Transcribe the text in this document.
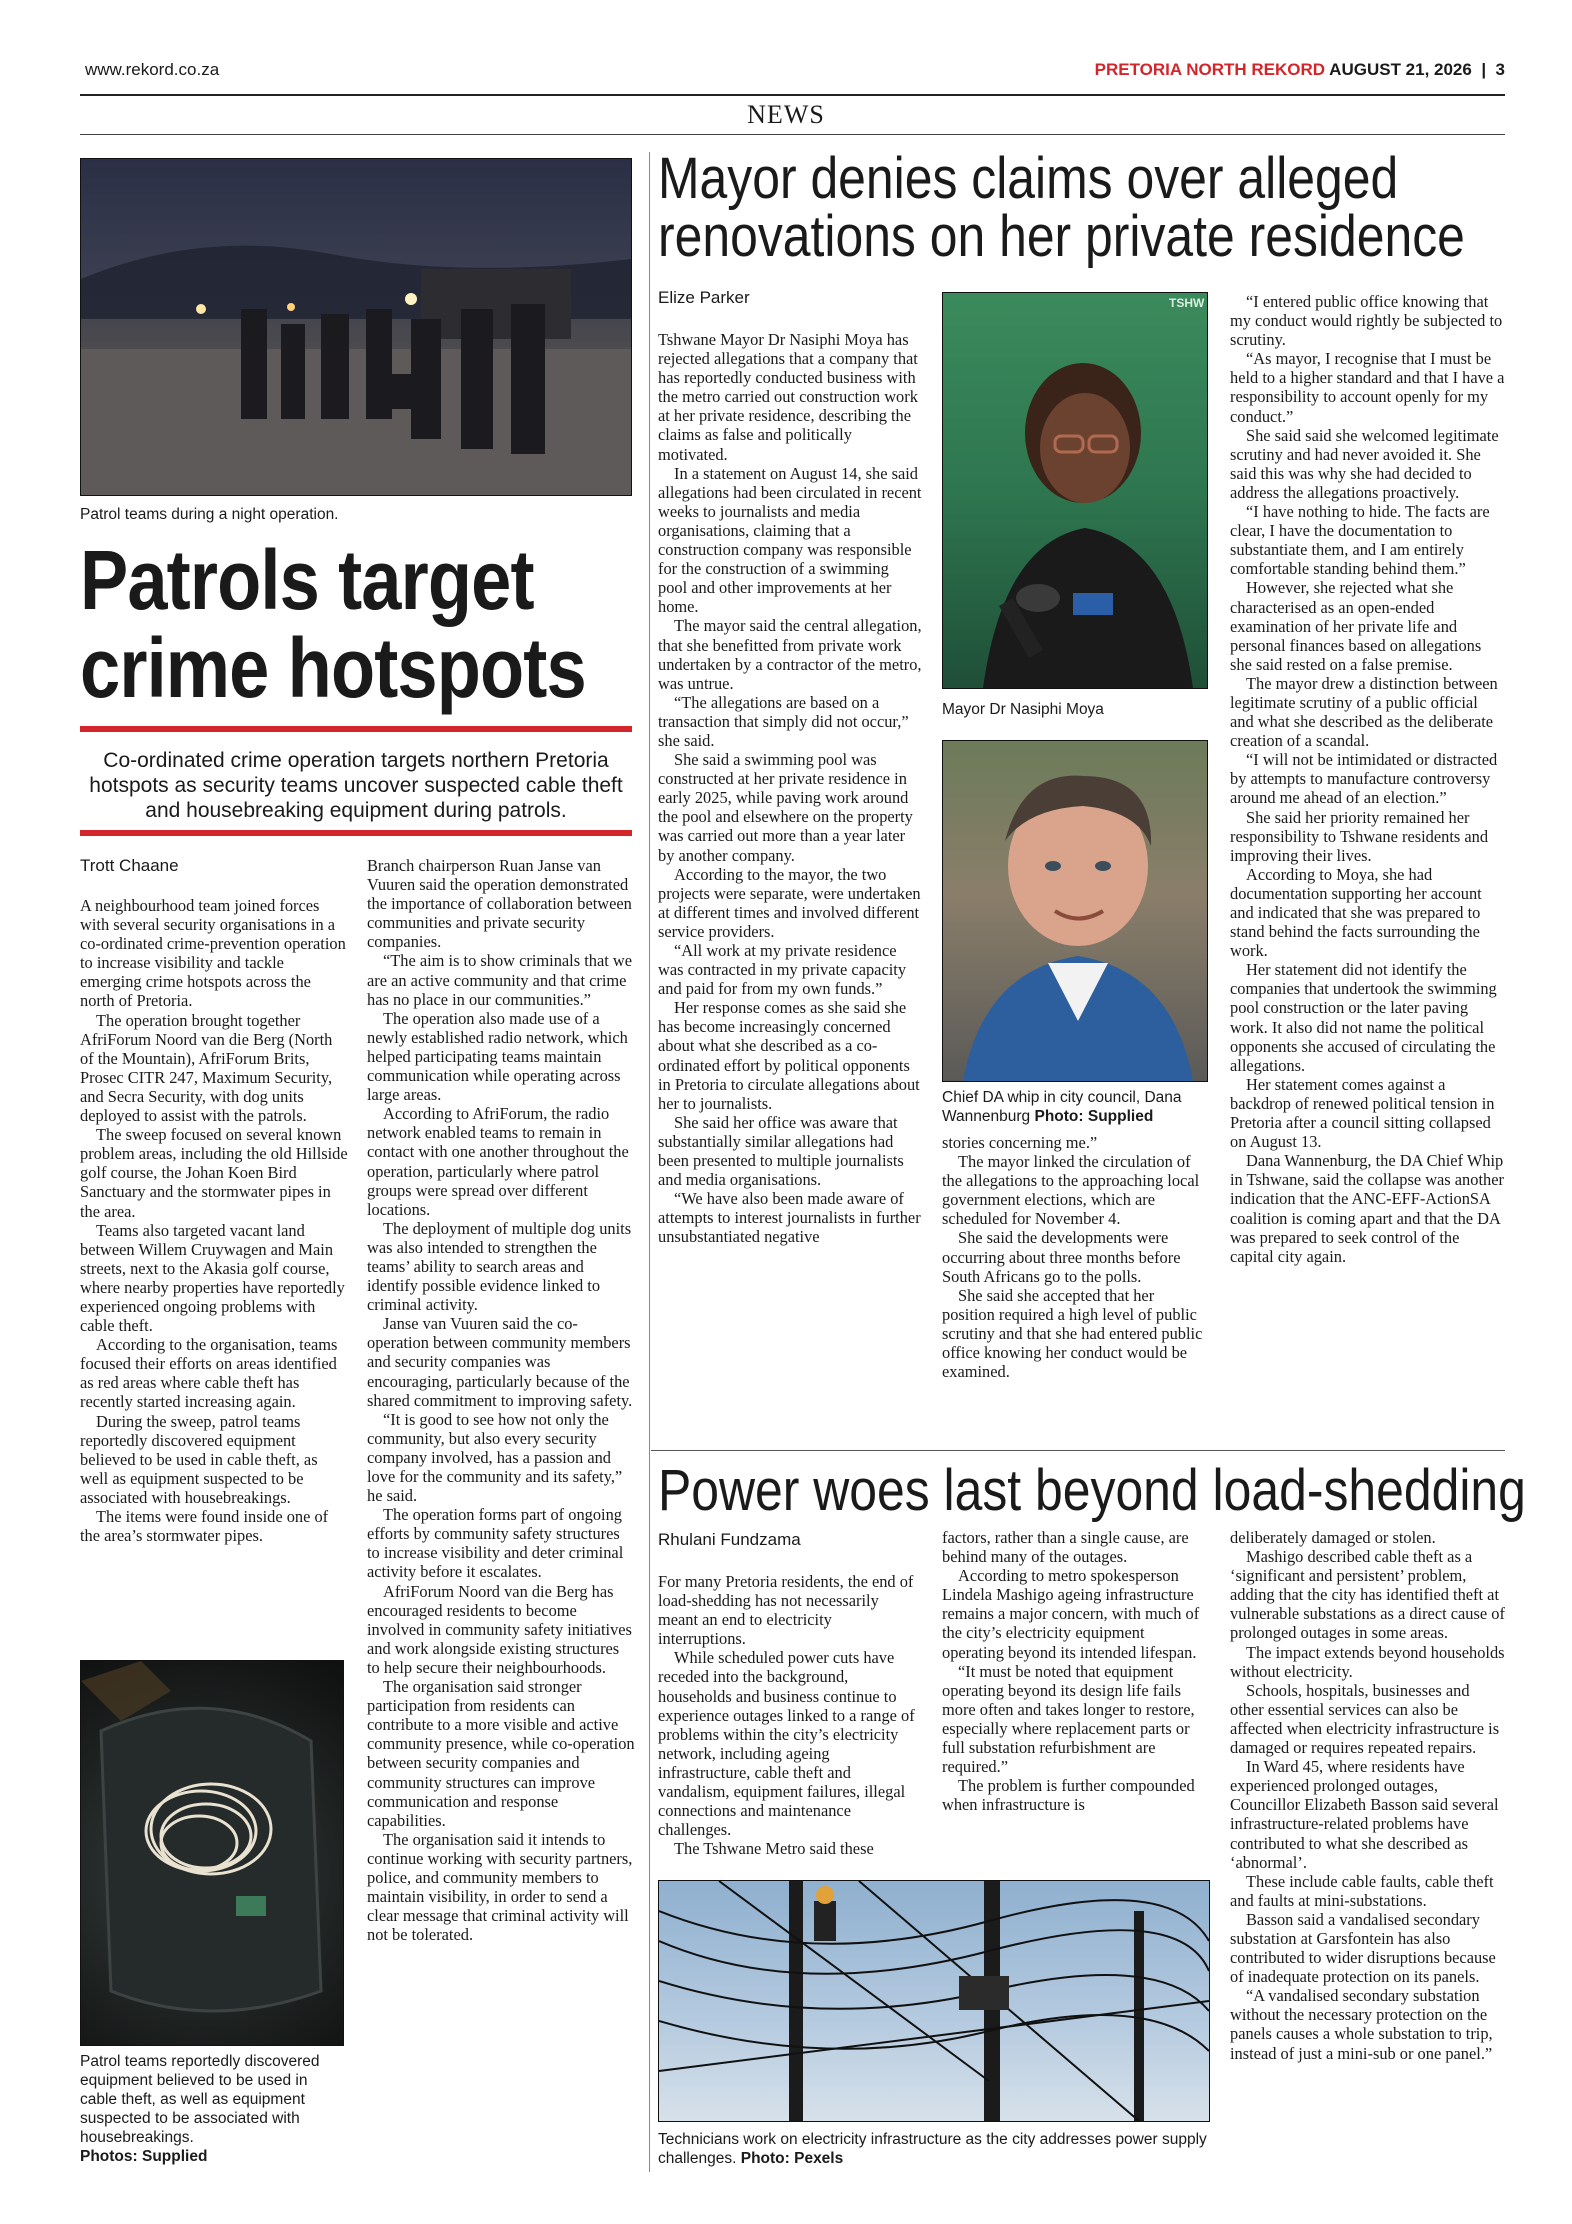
www.rekord.co.za	PRETORIA NORTH REKORD AUGUST 21, 2026  |  3
NEWS
Patrol teams during a night operation.
Patrols target
crime hotspots
Co-ordinated crime operation targets northern Pretoria hotspots as security teams uncover suspected cable theft and housebreaking equipment during patrols.
Trott Chaane

A neighbourhood team joined forces with several security organisations in a co-ordinated crime-prevention operation to increase visibility and tackle emerging crime hotspots across the north of Pretoria.

The operation brought together AfriForum Noord van die Berg (North of the Mountain), AfriForum Brits, Prosec CITR 247, Maximum Security, and Secra Security, with dog units deployed to assist with the patrols.

The sweep focused on several known problem areas, including the old Hillside golf course, the Johan Koen Bird Sanctuary and the stormwater pipes in the area.

Teams also targeted vacant land between Willem Cruywagen and Main streets, next to the Akasia golf course, where nearby properties have reportedly experienced ongoing problems with cable theft.

According to the organisation, teams focused their efforts on areas identified as red areas where cable theft has recently started increasing again.

During the sweep, patrol teams reportedly discovered equipment believed to be used in cable theft, as well as equipment suspected to be associated with housebreakings.

The items were found inside one of the area’s stormwater pipes.

Patrol teams reportedly discovered equipment believed to be used in cable theft, as well as equipment suspected to be associated with housebreakings.
Photos: Supplied

Branch chairperson Ruan Janse van Vuuren said the operation demonstrated the importance of collaboration between communities and private security companies.

“The aim is to show criminals that we are an active community and that crime has no place in our communities.”

The operation also made use of a newly established radio network, which helped participating teams maintain communication while operating across large areas.

According to AfriForum, the radio network enabled teams to remain in contact with one another throughout the operation, particularly where patrol groups were spread over different locations.

The deployment of multiple dog units was also intended to strengthen the teams’ ability to search areas and identify possible evidence linked to criminal activity.

Janse van Vuuren said the co-operation between community members and security companies was encouraging, particularly because of the shared commitment to improving safety.

“It is good to see how not only the community, but also every security company involved, has a passion and love for the community and its safety,” he said.

The operation forms part of ongoing efforts by community safety structures to increase visibility and deter criminal activity before it escalates.

AfriForum Noord van die Berg has encouraged residents to become involved in community safety initiatives and work alongside existing structures to help secure their neighbourhoods.

The organisation said stronger participation from residents can contribute to a more visible and active community presence, while co-operation between security companies and community structures can improve communication and response capabilities.

The organisation said it intends to continue working with security partners, police, and community members to maintain visibility, in order to send a clear message that criminal activity will not be tolerated.

Mayor denies claims over alleged
renovations on her private residence
Elize Parker

Tshwane Mayor Dr Nasiphi Moya has rejected allegations that a company that has reportedly conducted business with the metro carried out construction work at her private residence, describing the claims as false and politically motivated.

In a statement on August 14, she said allegations had been circulated in recent weeks to journalists and media organisations, claiming that a construction company was responsible for the construction of a swimming pool and other improvements at her home.

The mayor said the central allegation, that she benefitted from private work undertaken by a contractor of the metro, was untrue.

“The allegations are based on a transaction that simply did not occur,” she said.

She said a swimming pool was constructed at her private residence in early 2025, while paving work around the pool and elsewhere on the property was carried out more than a year later by another company.

According to the mayor, the two projects were separate, were undertaken at different times and involved different service providers.

“All work at my private residence was contracted in my private capacity and paid for from my own funds.”

Her response comes as she said she has become increasingly concerned about what she described as a co-ordinated effort by political opponents in Pretoria to circulate allegations about her to journalists.

She said her office was aware that substantially similar allegations had been presented to multiple journalists and media organisations.

“We have also been made aware of attempts to interest journalists in further unsubstantiated negative

TSHW
Mayor Dr Nasiphi Moya
Chief DA whip in city council, Dana Wannenburg Photo: Supplied

stories concerning me.”

The mayor linked the circulation of the allegations to the approaching local government elections, which are scheduled for November 4.

She said the developments were occurring about three months before South Africans go to the polls.

She said she accepted that her position required a high level of public scrutiny and that she had entered public office knowing her conduct would be examined.

“I entered public office knowing that my conduct would rightly be subjected to scrutiny.

“As mayor, I recognise that I must be held to a higher standard and that I have a responsibility to account openly for my conduct.”

She said said she welcomed legitimate scrutiny and had never avoided it. She said this was why she had decided to address the allegations proactively.

“I have nothing to hide. The facts are clear, I have the documentation to substantiate them, and I am entirely comfortable standing behind them.”

However, she rejected what she characterised as an open-ended examination of her private life and personal finances based on allegations she said rested on a false premise.

The mayor drew a distinction between legitimate scrutiny of a public official and what she described as the deliberate creation of a scandal.

“I will not be intimidated or distracted by attempts to manufacture controversy around me ahead of an election.”

She said her priority remained her responsibility to Tshwane residents and improving their lives.

According to Moya, she had documentation supporting her account and indicated that she was prepared to stand behind the facts surrounding the work.

Her statement did not identify the companies that undertook the swimming pool construction or the later paving work. It also did not name the political opponents she accused of circulating the allegations.

Her statement comes against a backdrop of renewed political tension in Pretoria after a council sitting collapsed on August 13.

Dana Wannenburg, the DA Chief Whip in Tshwane, said the collapse was another indication that the ANC-EFF-ActionSA coalition is coming apart and that the DA was prepared to seek control of the capital city again.

Power woes last beyond load-shedding
Rhulani Fundzama

For many Pretoria residents, the end of load-shedding has not necessarily meant an end to electricity interruptions.

While scheduled power cuts have receded into the background, households and business continue to experience outages linked to a range of problems within the city’s electricity network, including ageing infrastructure, cable theft and vandalism, equipment failures, illegal connections and maintenance challenges.

The Tshwane Metro said these

factors, rather than a single cause, are behind many of the outages.

According to metro spokesperson Lindela Mashigo ageing infrastructure remains a major concern, with much of the city’s electricity equipment operating beyond its intended lifespan.

“It must be noted that equipment operating beyond its design life fails more often and takes longer to restore, especially where replacement parts or full substation refurbishment are required.”

The problem is further compounded when infrastructure is

Technicians work on electricity infrastructure as the city addresses power supply challenges. Photo: Pexels

deliberately damaged or stolen.

Mashigo described cable theft as a ‘significant and persistent’ problem, adding that the city has identified theft at vulnerable substations as a direct cause of prolonged outages in some areas.

The impact extends beyond households without electricity.

Schools, hospitals, businesses and other essential services can also be affected when electricity infrastructure is damaged or requires repeated repairs.

In Ward 45, where residents have experienced prolonged outages, Councillor Elizabeth Basson said several infrastructure-related problems have contributed to what she described as ‘abnormal’.

These include cable faults, cable theft and faults at mini-substations.

Basson said a vandalised secondary substation at Garsfontein has also contributed to wider disruptions because of inadequate protection on its panels.

“A vandalised secondary substation without the necessary protection on the panels causes a whole substation to trip, instead of just a mini-sub or one panel.”
